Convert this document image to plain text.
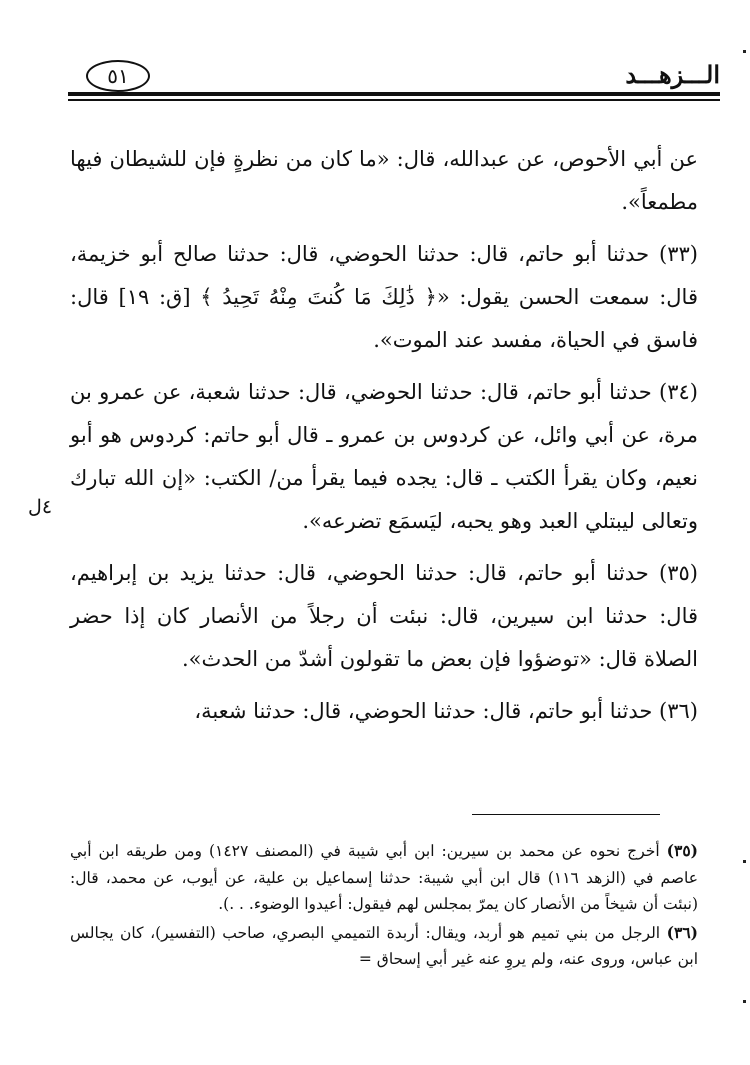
٥١	الـــزهـــد
٤ل

عن أبي الأحوص، عن عبدالله، قال: «ما كان من نظرةٍ فإن للشيطان فيها مطمعاً».

(٣٣) حدثنا أبو حاتم، قال: حدثنا الحوضي، قال: حدثنا صالح أبو خزيمة، قال: سمعت الحسن يقول: «﴿ ذَٰلِكَ مَا كُنتَ مِنْهُ تَحِيدُ ﴾ [ق: ١٩] قال: فاسق في الحياة، مفسد عند الموت».

(٣٤) حدثنا أبو حاتم، قال: حدثنا الحوضي، قال: حدثنا شعبة، عن عمرو بن مرة، عن أبي وائل، عن كردوس بن عمرو ـ قال أبو حاتم: كردوس هو أبو نعيم، وكان يقرأ الكتب ـ قال: يجده فيما يقرأ من/ الكتب: «إن الله تبارك وتعالى ليبتلي العبد وهو يحبه، ليَسمَع تضرعه».

(٣٥) حدثنا أبو حاتم، قال: حدثنا الحوضي، قال: حدثنا يزيد بن إبراهيم، قال: حدثنا ابن سيرين، قال: نبئت أن رجلاً من الأنصار كان إذا حضر الصلاة قال: «توضؤوا فإن بعض ما تقولون أشدّ من الحدث».

(٣٦) حدثنا أبو حاتم، قال: حدثنا الحوضي، قال: حدثنا شعبة،

(٣٥) أخرج نحوه عن محمد بن سيرين: ابن أبي شيبة في (المصنف ١٤٢٧) ومن طريقه ابن أبي عاصم في (الزهد ١١٦) قال ابن أبي شيبة: حدثنا إسماعيل بن علية، عن أيوب، عن محمد، قال: (نبئت أن شيخاً من الأنصار كان يمرّ بمجلس لهم فيقول: أعيدوا الوضوء. . .).

(٣٦) الرجل من بني تميم هو أربد، ويقال: أربدة التميمي البصري، صاحب (التفسير)، كان يجالس ابن عباس، وروى عنه، ولم يروِ عنه غير أبي إسحاق =
